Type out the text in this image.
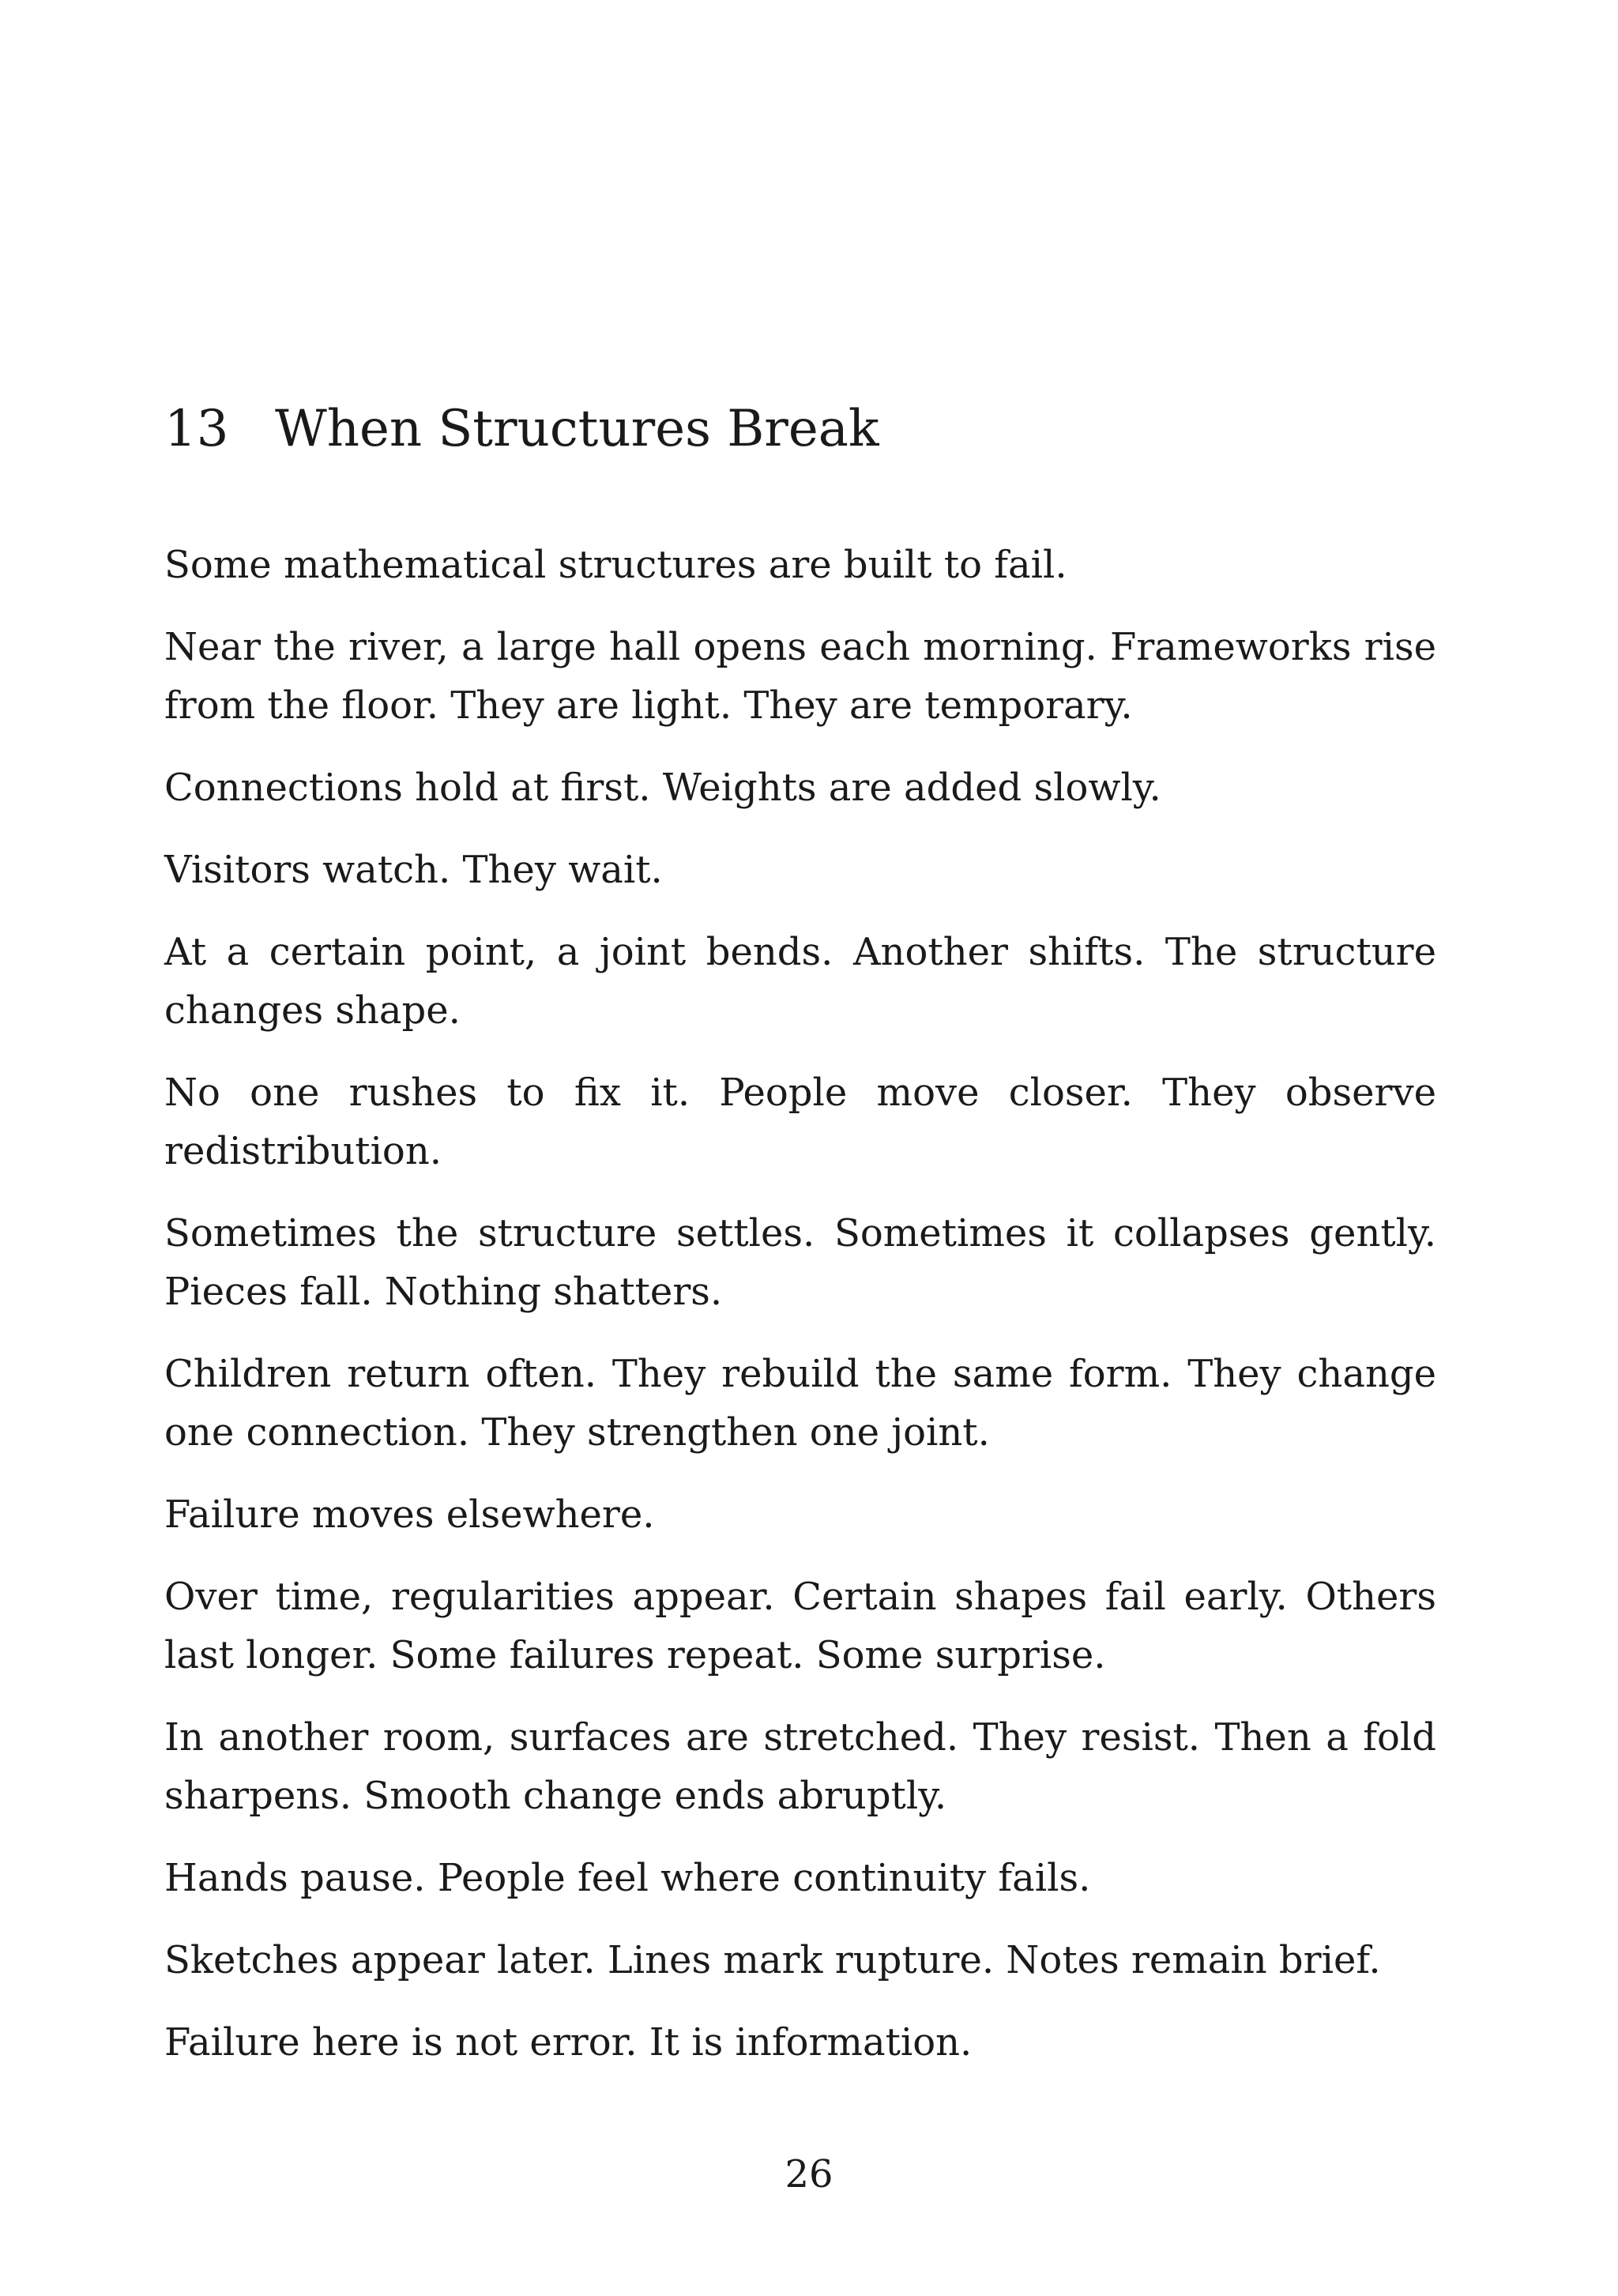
13 When Structures Break

Some mathematical structures are built to fail.

Near the river, a large hall opens each morning. Frameworks rise from the floor. They are light. They are temporary.

Connections hold at first. Weights are added slowly.

Visitors watch. They wait.

At a certain point, a joint bends. Another shifts. The structure changes shape.

No one rushes to fix it. People move closer. They observe redistribution.

Sometimes the structure settles. Sometimes it collapses gently. Pieces fall. Nothing shatters.

Children return often. They rebuild the same form. They change one connection. They strengthen one joint.

Failure moves elsewhere.

Over time, regularities appear. Certain shapes fail early. Others last longer. Some failures repeat. Some surprise.

In another room, surfaces are stretched. They resist. Then a fold sharpens. Smooth change ends abruptly.

Hands pause. People feel where continuity fails.

Sketches appear later. Lines mark rupture. Notes remain brief.

Failure here is not error. It is information.

26
